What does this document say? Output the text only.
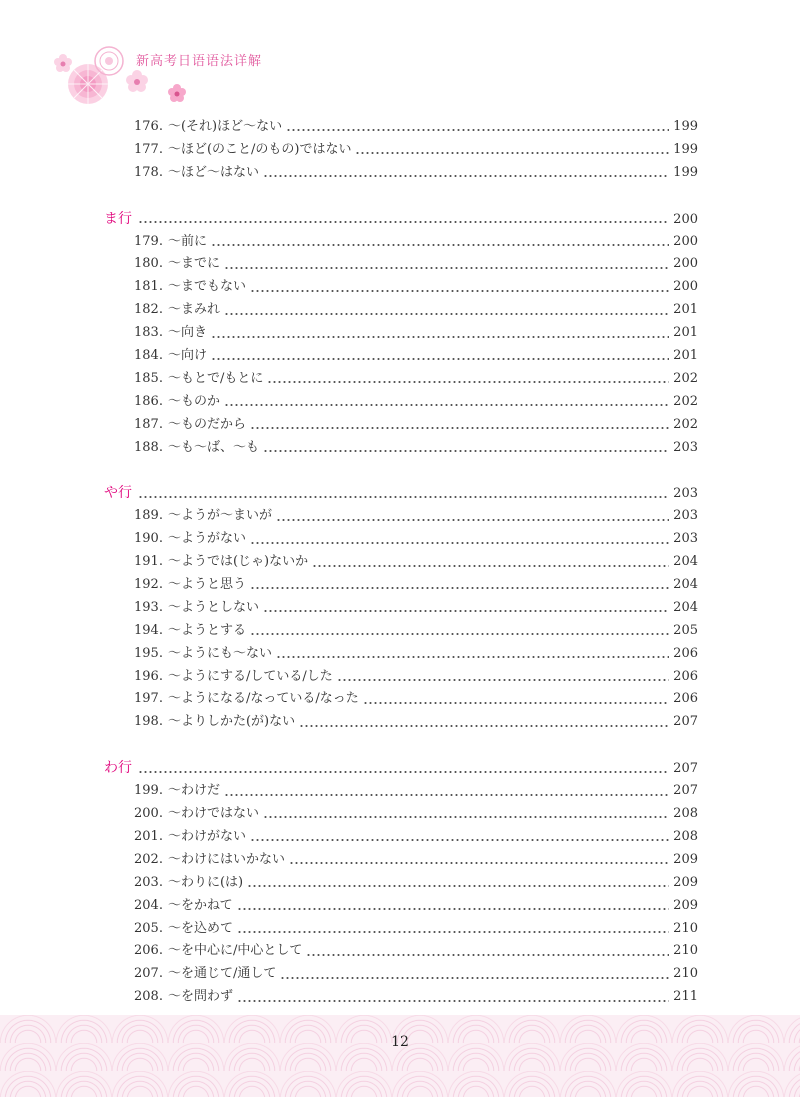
新高考日语语法详解
176. ～(それ)ほど～ない	199
177. ～ほど(のこと/のもの)ではない	199
178. ～ほど～はない	199
ま行	200
179. ～前に	200
180. ～までに	200
181. ～までもない	200
182. ～まみれ	201
183. ～向き	201
184. ～向け	201
185. ～もとで/もとに	202
186. ～ものか	202
187. ～ものだから	202
188. ～も～ば、～も	203
や行	203
189. ～ようが～まいが	203
190. ～ようがない	203
191. ～ようでは(じゃ)ないか	204
192. ～ようと思う	204
193. ～ようとしない	204
194. ～ようとする	205
195. ～ようにも～ない	206
196. ～ようにする/している/した	206
197. ～ようになる/なっている/なった	206
198. ～よりしかた(が)ない	207
わ行	207
199. ～わけだ	207
200. ～わけではない	208
201. ～わけがない	208
202. ～わけにはいかない	209
203. ～わりに(は)	209
204. ～をかねて	209
205. ～を込めて	210
206. ～を中心に/中心として	210
207. ～を通じて/通して	210
208. ～を問わず	211
12
